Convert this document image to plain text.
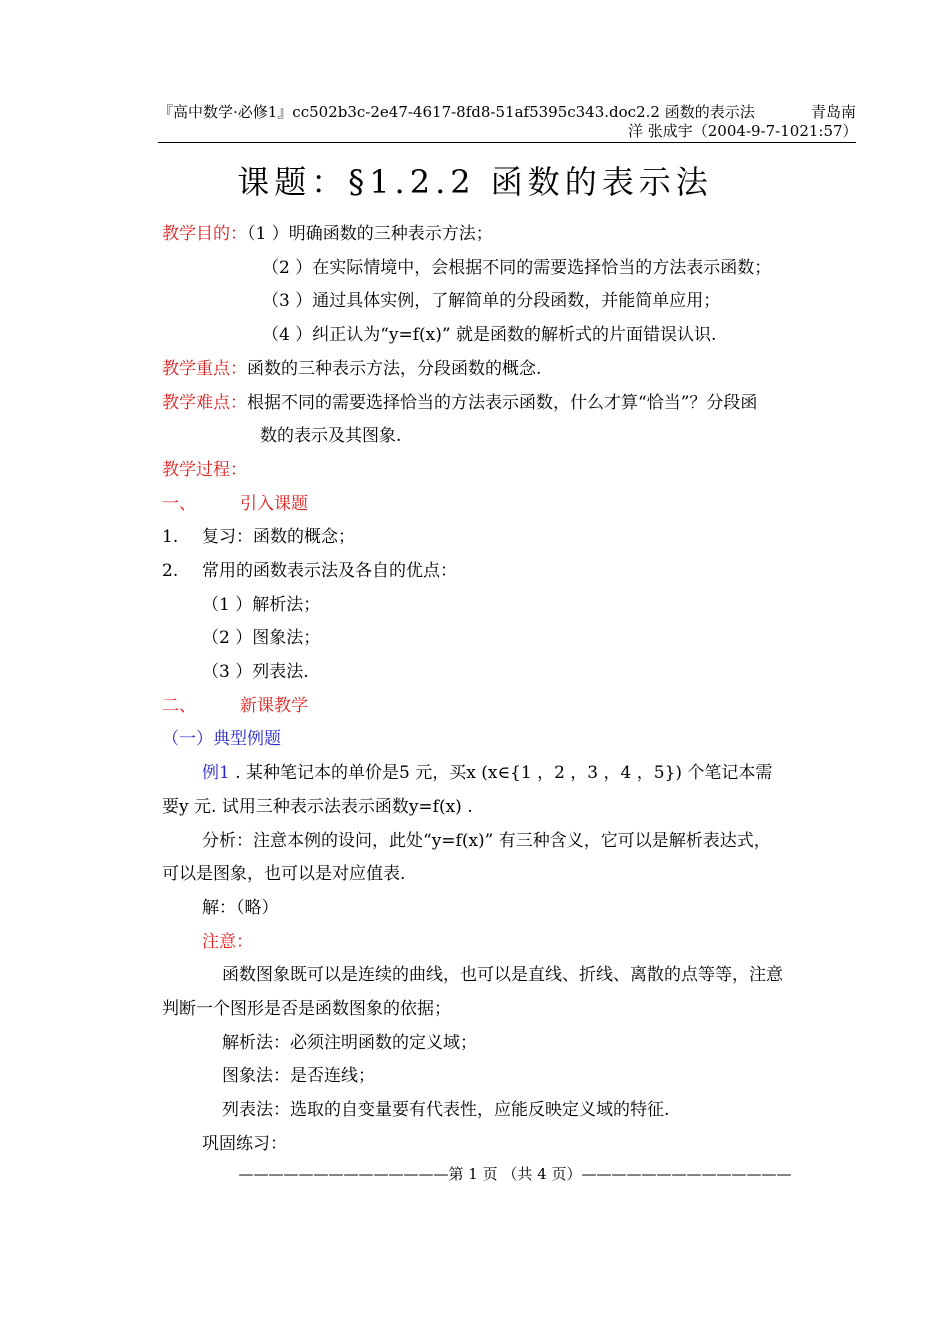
『高中数学·必修1』cc502b3c-2e47-4617-8fd8-51af5395c343.doc2.2 函数的表示法	青岛南
洋 张成宇（2004-9-7-1021:57）
课题：§1.2.2 函数的表示法
教学目的：（1 ）明确函数的三种表示方法；
（2 ）在实际情境中，会根据不同的需要选择恰当的方法表示函数；
（3 ）通过具体实例，了解简单的分段函数，并能简单应用；
（4 ）纠正认为“y=f(x)” 就是函数的解析式的片面错误认识.
教学重点：函数的三种表示方法，分段函数的概念.
教学难点：根据不同的需要选择恰当的方法表示函数，什么才算“恰当”？分段函
数的表示及其图象.
教学过程：
一、	引入课题
1. 复习：函数的概念；
2. 常用的函数表示法及各自的优点：
（1 ）解析法；
（2 ）图象法；
（3 ）列表法.
二、	新课教学
（一）典型例题
例1 . 某种笔记本的单价是5 元，买x (x∈{1 ，2 ，3 ，4 ，5}) 个笔记本需
要y 元. 试用三种表示法表示函数y=f(x) .
分析：注意本例的设问，此处“y=f(x)” 有三种含义，它可以是解析表达式，
可以是图象，也可以是对应值表.
解：（略）
注意：
函数图象既可以是连续的曲线，也可以是直线、折线、离散的点等等，注意
判断一个图形是否是函数图象的依据；
解析法：必须注明函数的定义域；
图象法：是否连线；
列表法：选取的自变量要有代表性，应能反映定义域的特征.
巩固练习：
——————————————第 1 页 （共 4 页）——————————————
